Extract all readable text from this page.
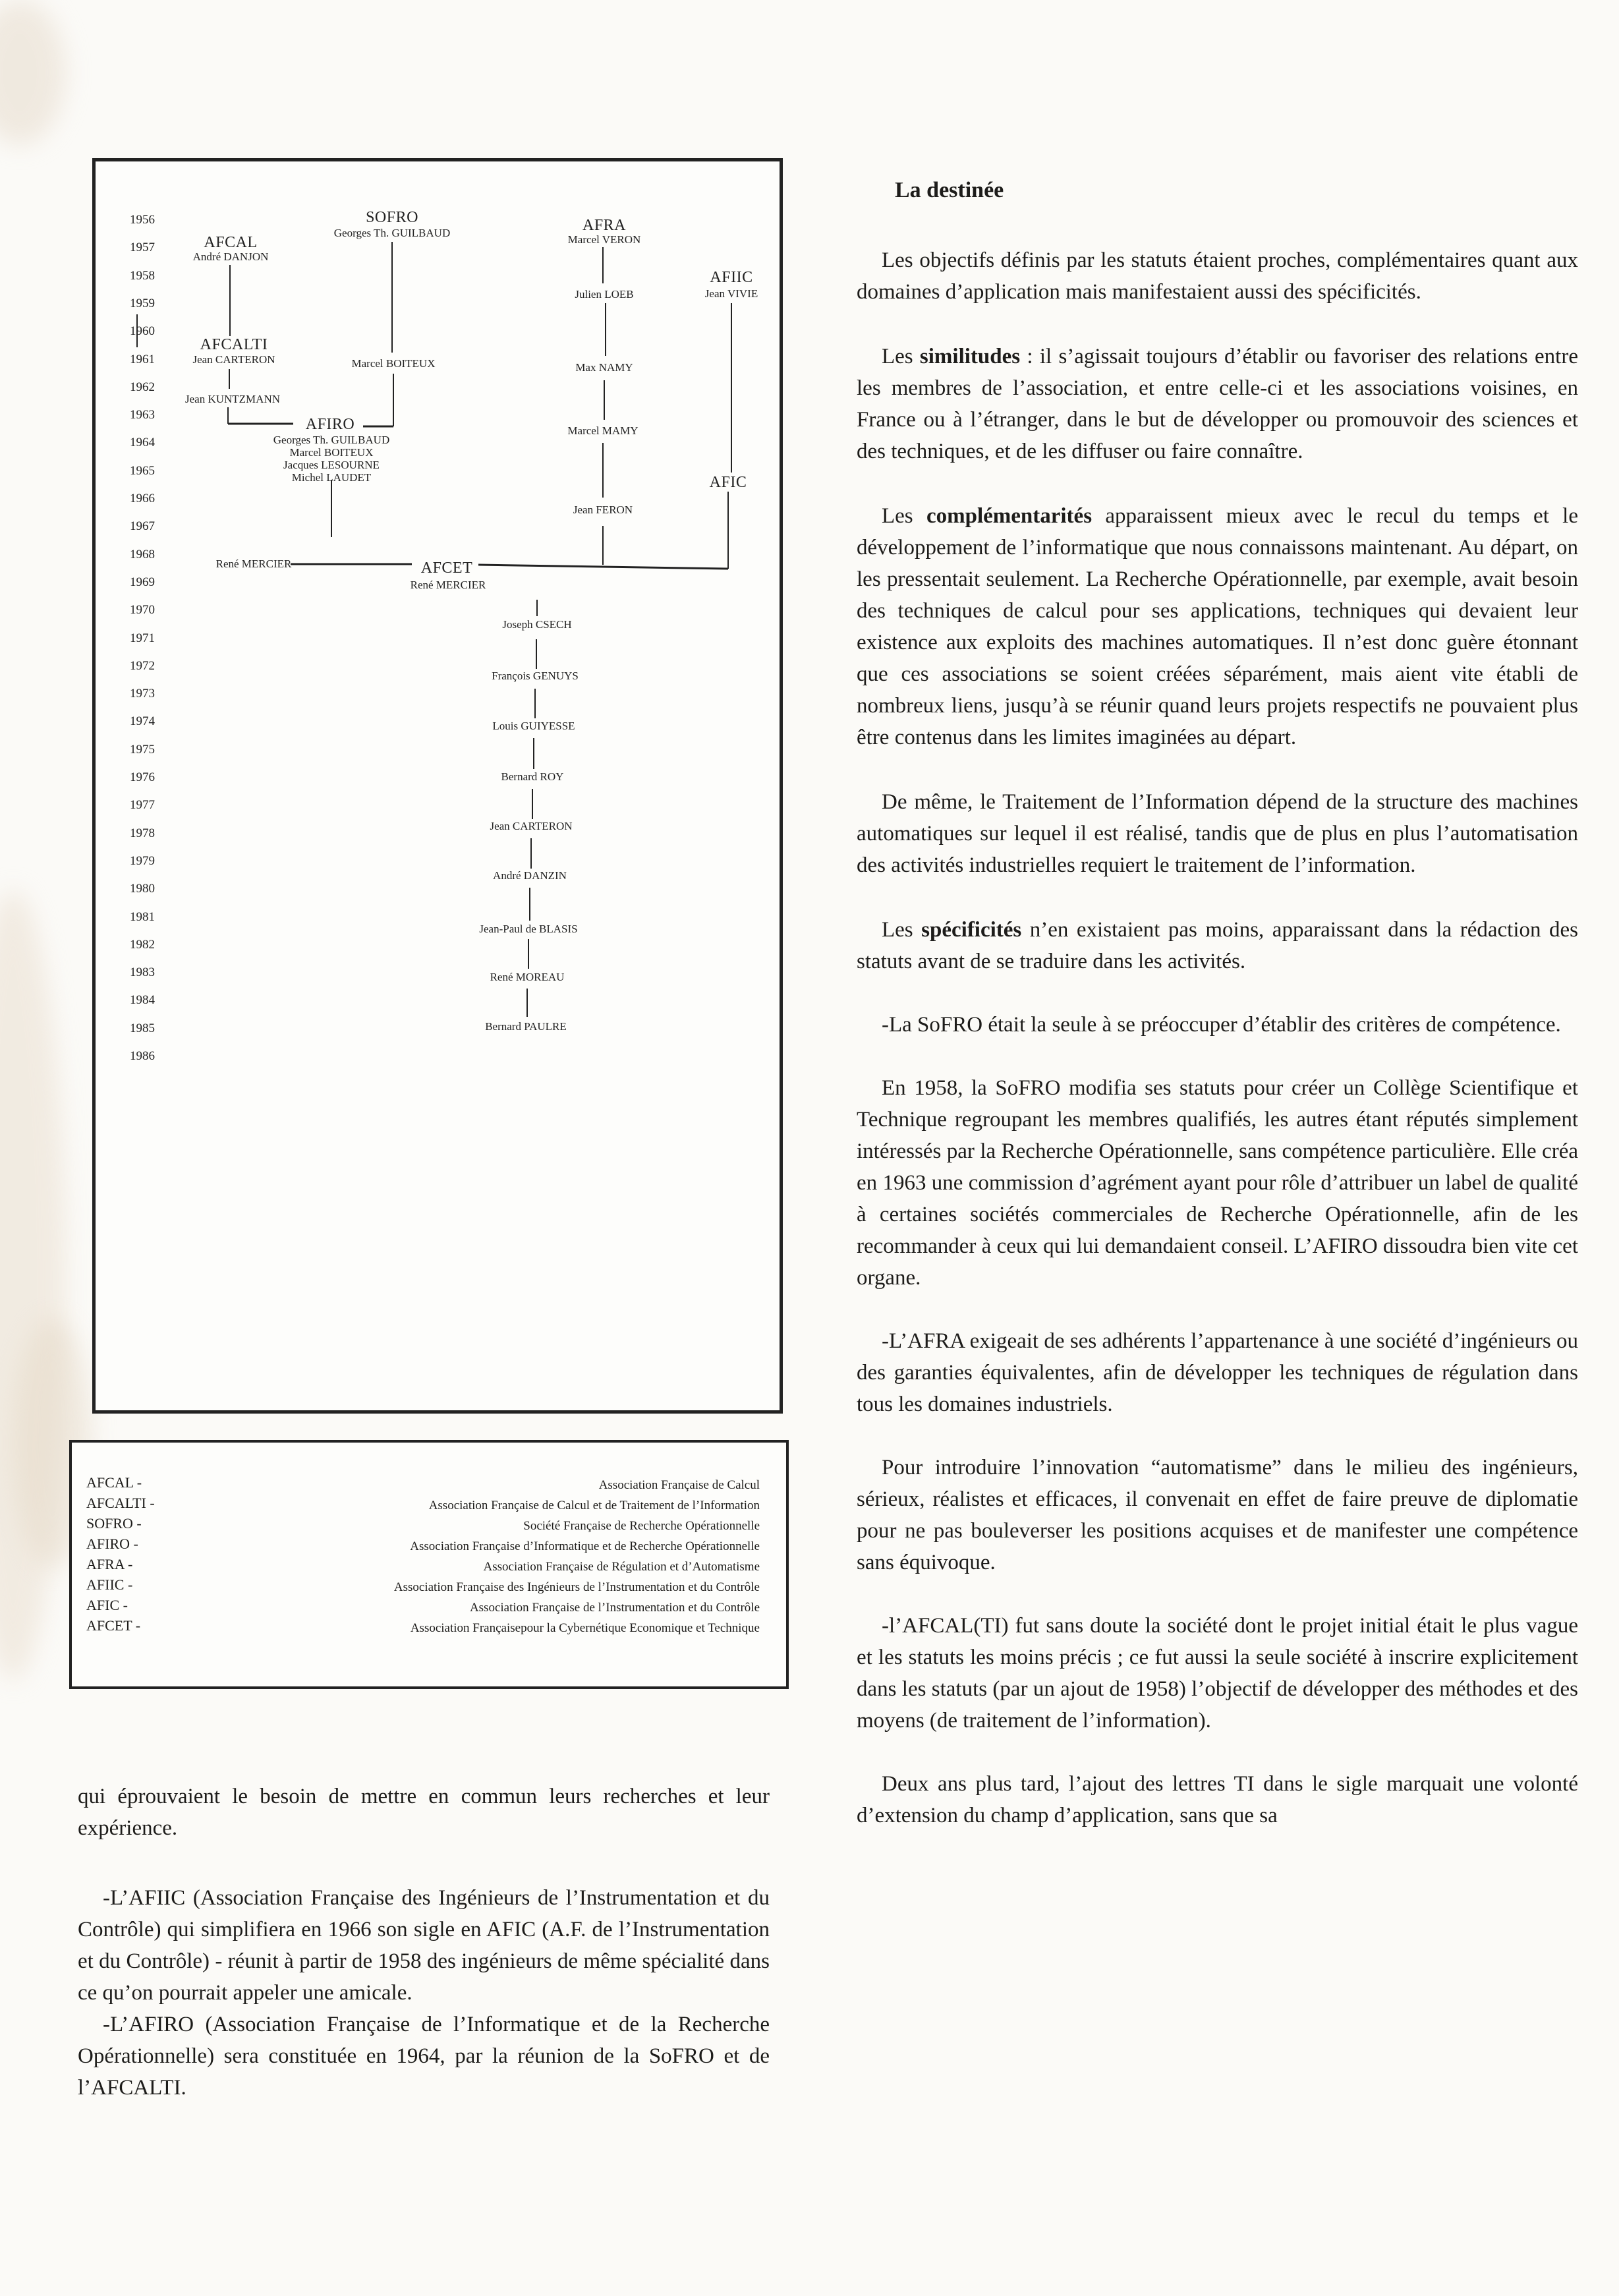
1956
1957
1958
1959
1960
1961
1962
1963
1964
1965
1966
1967
1968
1969
1970
1971
1972
1973
1974
1975
1976
1977
1978
1979
1980
1981
1982
1983
1984
1985
1986
SOFRO
Georges Th. GUILBAUD
Marcel BOITEUX
AFCAL
André DANJON
AFCALTI
Jean CARTERON
Jean KUNTZMANN
AFIRO
Georges Th. GUILBAUD
Marcel BOITEUX
Jacques LESOURNE
Michel LAUDET
René MERCIER
AFRA
Marcel VERON
Julien LOEB
Max NAMY
Marcel MAMY
Jean FERON
AFIIC
Jean VIVIE
AFIC
AFCET
René MERCIER
Joseph CSECH
François GENUYS
Louis GUIYESSE
Bernard ROY
Jean CARTERON
André DANZIN
Jean-Paul de BLASIS
René MOREAU
Bernard PAULRE
AFCAL -	Association Française de Calcul
AFCALTI -	Association Française de Calcul et de Traitement de l’Information
SOFRO -	Société Française de Recherche Opérationnelle
AFIRO -	Association Française d’Informatique et de Recherche Opérationnelle
AFRA -	Association Française de Régulation et d’Automatisme
AFIIC -	Association Française des Ingénieurs de l’Instrumentation et du Contrôle
AFIC -	Association Française de l’Instrumentation et du Contrôle
AFCET -	Association Françaisepour la Cybernétique Economique et Technique

qui éprouvaient le besoin de mettre en commun leurs recherches et leur expérience.

-L’AFIIC (Association Française des Ingénieurs de l’Instrumentation et du Contrôle) qui simplifiera en 1966 son sigle en AFIC (A.F. de l’Instrumentation et du Contrôle) - réunit à partir de 1958 des ingénieurs de même spécialité dans ce qu’on pourrait appeler une amicale.

-L’AFIRO (Association Française de l’Informatique et de la Recherche Opérationnelle) sera constituée en 1964, par la réunion de la SoFRO et de l’AFCALTI.

La destinée

Les objectifs définis par les statuts étaient proches, complémentaires quant aux domaines d’application mais manifestaient aussi des spécificités.

Les similitudes : il s’agissait toujours d’établir ou favoriser des relations entre les membres de l’association, et entre celle-ci et les associations voisines, en France ou à l’étranger, dans le but de développer ou promouvoir des sciences et des techniques, et de les diffuser ou faire connaître.

Les complémentarités apparaissent mieux avec le recul du temps et le développement de l’informatique que nous connaissons maintenant. Au départ, on les pressentait seulement. La Recherche Opérationnelle, par exemple, avait besoin des techniques de calcul pour ses applications, techniques qui devaient leur existence aux exploits des machines automatiques. Il n’est donc guère étonnant que ces associations se soient créées séparément, mais aient vite établi de nombreux liens, jusqu’à se réunir quand leurs projets respectifs ne pouvaient plus être contenus dans les limites imaginées au départ.

De même, le Traitement de l’Information dépend de la structure des machines automatiques sur lequel il est réalisé, tandis que de plus en plus l’automatisation des activités industrielles requiert le traitement de l’information.

Les spécificités n’en existaient pas moins, apparaissant dans la rédaction des statuts avant de se traduire dans les activités.

-La SoFRO était la seule à se préoccuper d’établir des critères de compétence.

En 1958, la SoFRO modifia ses statuts pour créer un Collège Scientifique et Technique regroupant les membres qualifiés, les autres étant réputés simplement intéressés par la Recherche Opérationnelle, sans compétence particulière. Elle créa en 1963 une commission d’agrément ayant pour rôle d’attribuer un label de qualité à certaines sociétés commerciales de Recherche Opérationnelle, afin de les recommander à ceux qui lui demandaient conseil. L’AFIRO dissoudra bien vite cet organe.

-L’AFRA exigeait de ses adhérents l’appartenance à une société d’ingénieurs ou des garanties équivalentes, afin de développer les techniques de régulation dans tous les domaines industriels.

Pour introduire l’innovation “automatisme” dans le milieu des ingénieurs, sérieux, réalistes et efficaces, il convenait en effet de faire preuve de diplomatie pour ne pas bouleverser les positions acquises et de manifester une compétence sans équivoque.

-l’AFCAL(TI) fut sans doute la société dont le projet initial était le plus vague et les statuts les moins précis ; ce fut aussi la seule société à inscrire explicitement dans les statuts (par un ajout de 1958) l’objectif de développer des méthodes et des moyens (de traitement de l’information).

Deux ans plus tard, l’ajout des lettres TI dans le sigle marquait une volonté d’extension du champ d’application, sans que sa
